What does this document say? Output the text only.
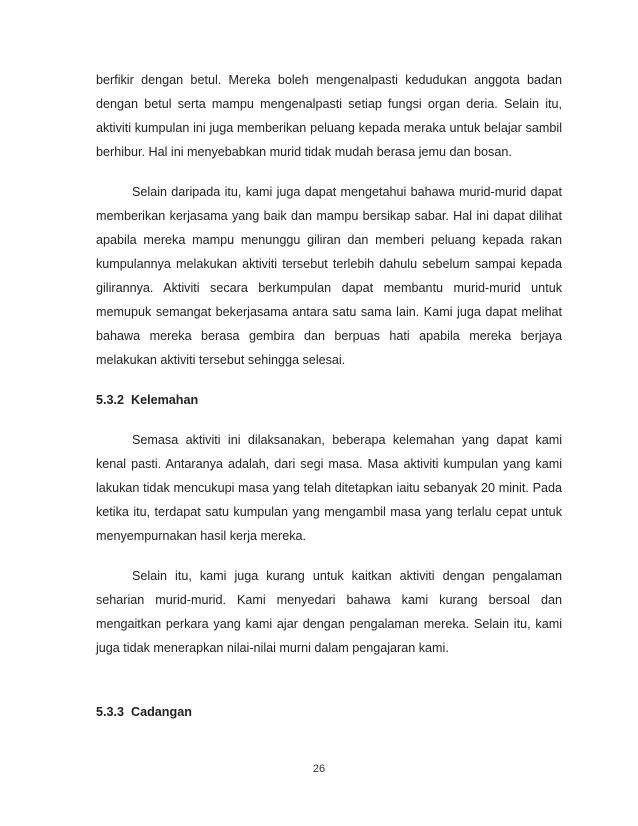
berfikir dengan betul. Mereka boleh mengenalpasti kedudukan anggota badan
dengan betul serta mampu mengenalpasti setiap fungsi organ deria. Selain itu,
aktiviti kumpulan ini juga memberikan peluang kepada meraka untuk belajar sambil
berhibur. Hal ini menyebabkan murid tidak mudah berasa jemu dan bosan.
Selain daripada itu, kami juga dapat mengetahui bahawa murid-murid dapat
memberikan kerjasama yang baik dan mampu bersikap sabar. Hal ini dapat dilihat
apabila mereka mampu menunggu giliran dan memberi peluang kepada rakan
kumpulannya melakukan aktiviti tersebut terlebih dahulu sebelum sampai kepada
gilirannya. Aktiviti secara berkumpulan dapat membantu murid-murid untuk
memupuk semangat bekerjasama antara satu sama lain. Kami juga dapat melihat
bahawa mereka berasa gembira dan berpuas hati apabila mereka berjaya
melakukan aktiviti tersebut sehingga selesai.
5.3.2  Kelemahan
Semasa aktiviti ini dilaksanakan, beberapa kelemahan yang dapat kami
kenal pasti. Antaranya adalah, dari segi masa. Masa aktiviti kumpulan yang kami
lakukan tidak mencukupi masa yang telah ditetapkan iaitu sebanyak 20 minit. Pada
ketika itu, terdapat satu kumpulan yang mengambil masa yang terlalu cepat untuk
menyempurnakan hasil kerja mereka.
Selain itu, kami juga kurang untuk kaitkan aktiviti dengan pengalaman
seharian murid-murid. Kami menyedari bahawa kami kurang bersoal dan
mengaitkan perkara yang kami ajar dengan pengalaman mereka. Selain itu, kami
juga tidak menerapkan nilai-nilai murni dalam pengajaran kami.
5.3.3  Cadangan
26
